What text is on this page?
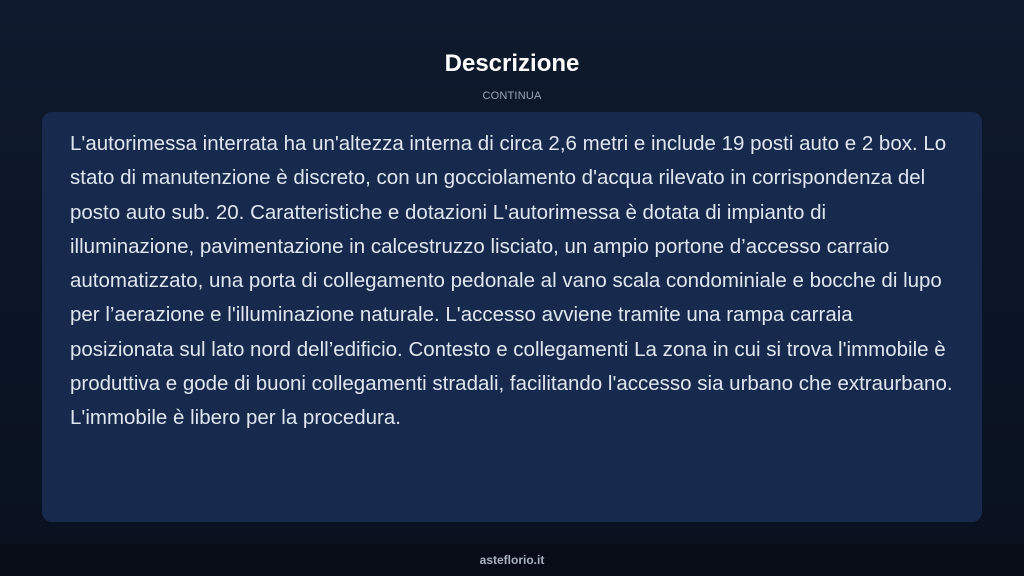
Descrizione
CONTINUA

L'autorimessa interrata ha un'altezza interna di circa 2,6 metri e include 19 posti auto e 2 box. Lo stato di manutenzione è discreto, con un gocciolamento d'acqua rilevato in corrispondenza del posto auto sub. 20. Caratteristiche e dotazioni L'autorimessa è dotata di impianto di illuminazione, pavimentazione in calcestruzzo lisciato, un ampio portone d’accesso carraio automatizzato, una porta di collegamento pedonale al vano scala condominiale e bocche di lupo per l’aerazione e l'illuminazione naturale. L'accesso avviene tramite una rampa carraia posizionata sul lato nord dell’edificio. Contesto e collegamenti La zona in cui si trova l'immobile è produttiva e gode di buoni collegamenti stradali, facilitando l'accesso sia urbano che extraurbano. L'immobile è libero per la procedura.

asteflorio.it
